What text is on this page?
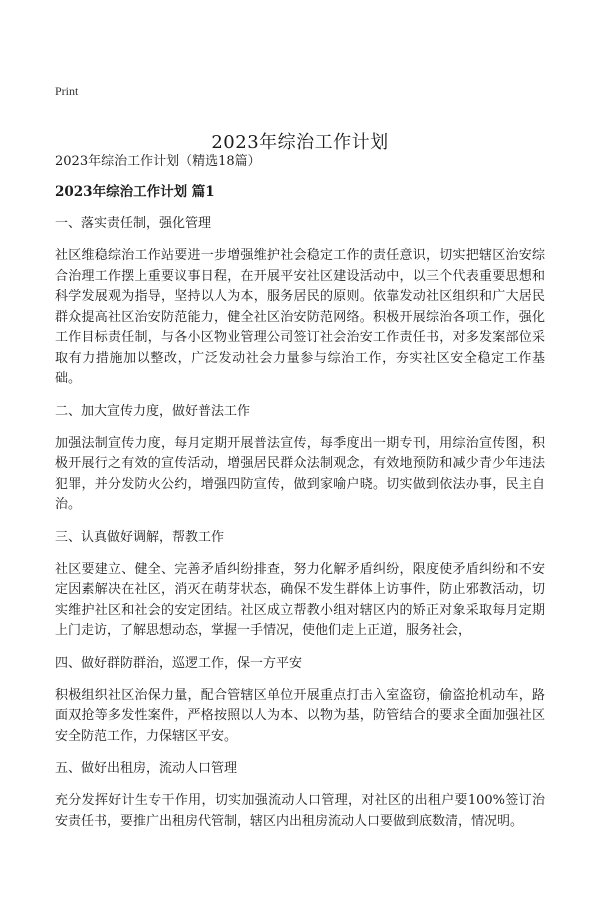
Print
2023年综治工作计划

2023年综治工作计划（精选18篇）

2023年综治工作计划 篇1

一、落实责任制，强化管理

社区维稳综治工作站要进一步增强维护社会稳定工作的责任意识，切实把辖区治安综合治理工作摆上重要议事日程，在开展平安社区建设活动中，以三个代表重要思想和科学发展观为指导，坚持以人为本，服务居民的原则。依靠发动社区组织和广大居民群众提高社区治安防范能力，健全社区治安防范网络。积极开展综治各项工作，强化工作目标责任制，与各小区物业管理公司签订社会治安工作责任书，对多发案部位采取有力措施加以整改，广泛发动社会力量参与综治工作，夯实社区安全稳定工作基础。

二、加大宣传力度，做好普法工作

加强法制宣传力度，每月定期开展普法宣传，每季度出一期专刊，用综治宣传图，积极开展行之有效的宣传活动，增强居民群众法制观念，有效地预防和减少青少年违法犯罪，并分发防火公约，增强四防宣传，做到家喻户晓。切实做到依法办事，民主自治。

三、认真做好调解，帮教工作

社区要建立、健全、完善矛盾纠纷排查，努力化解矛盾纠纷，限度使矛盾纠纷和不安定因素解决在社区，消灭在萌芽状态，确保不发生群体上访事件，防止邪教活动，切实维护社区和社会的安定团结。社区成立帮教小组对辖区内的矫正对象采取每月定期上门走访，了解思想动态，掌握一手情况，使他们走上正道，服务社会，

四、做好群防群治，巡逻工作，保一方平安

积极组织社区治保力量，配合管辖区单位开展重点打击入室盗窃，偷盗抢机动车，路面双抢等多发性案件，严格按照以人为本、以物为基，防管结合的要求全面加强社区安全防范工作，力保辖区平安。

五、做好出租房，流动人口管理

充分发挥好计生专干作用，切实加强流动人口管理，对社区的出租户要100%签订治安责任书，要推广出租房代管制，辖区内出租房流动人口要做到底数清，情况明。
